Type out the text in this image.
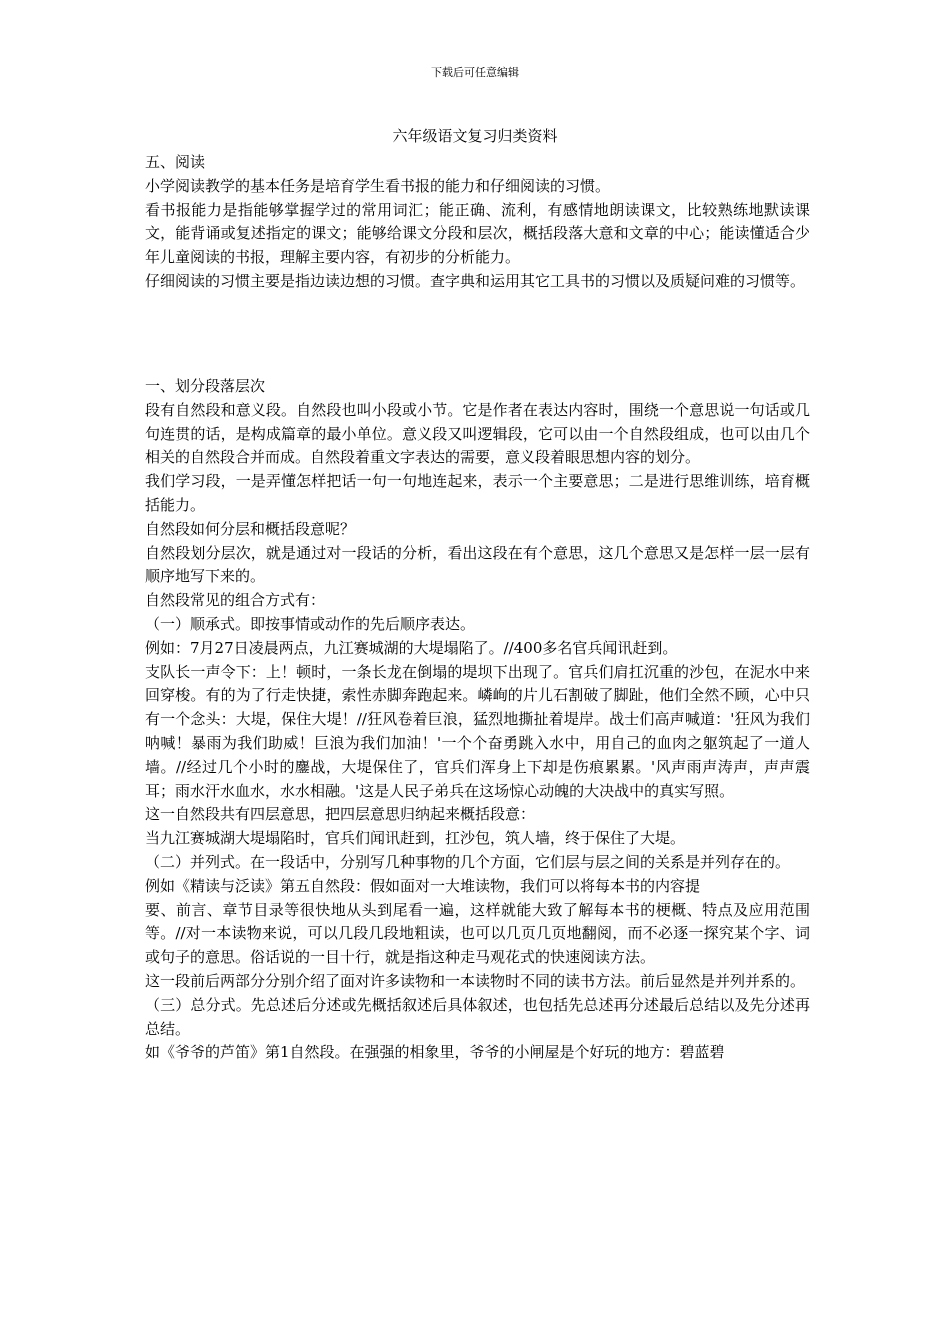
下载后可任意编辑
六年级语文复习归类资料

五、阅读

小学阅读教学的基本任务是培育学生看书报的能力和仔细阅读的习惯。

看书报能力是指能够掌握学过的常用词汇；能正确、流利，有感情地朗读课文，比较熟练地默读课文，能背诵或复述指定的课文；能够给课文分段和层次，概括段落大意和文章的中心；能读懂适合少年儿童阅读的书报，理解主要内容，有初步的分析能力。

仔细阅读的习惯主要是指边读边想的习惯。查字典和运用其它工具书的习惯以及质疑问难的习惯等。

一、划分段落层次

段有自然段和意义段。自然段也叫小段或小节。它是作者在表达内容时，围绕一个意思说一句话或几句连贯的话，是构成篇章的最小单位。意义段又叫逻辑段，它可以由一个自然段组成，也可以由几个相关的自然段合并而成。自然段着重文字表达的需要，意义段着眼思想内容的划分。

我们学习段，一是弄懂怎样把话一句一句地连起来，表示一个主要意思；二是进行思维训练，培育概括能力。

自然段如何分层和概括段意呢？

自然段划分层次，就是通过对一段话的分析，看出这段在有个意思，这几个意思又是怎样一层一层有顺序地写下来的。

自然段常见的组合方式有：

（一）顺承式。即按事情或动作的先后顺序表达。

例如：7月27日凌晨两点，九江赛城湖的大堤塌陷了。//400多名官兵闻讯赶到。

支队长一声令下：上！顿时，一条长龙在倒塌的堤坝下出现了。官兵们肩扛沉重的沙包，在泥水中来回穿梭。有的为了行走快捷，索性赤脚奔跑起来。嶙峋的片儿石割破了脚趾，他们全然不顾，心中只有一个念头：大堤，保住大堤！//狂风卷着巨浪，猛烈地撕扯着堤岸。战士们高声喊道：'狂风为我们呐喊！暴雨为我们助威！巨浪为我们加油！'一个个奋勇跳入水中，用自己的血肉之躯筑起了一道人墙。//经过几个小时的鏖战，大堤保住了，官兵们浑身上下却是伤痕累累。'风声雨声涛声，声声震耳；雨水汗水血水，水水相融。'这是人民子弟兵在这场惊心动魄的大决战中的真实写照。

这一自然段共有四层意思，把四层意思归纳起来概括段意：

当九江赛城湖大堤塌陷时，官兵们闻讯赶到，扛沙包，筑人墙，终于保住了大堤。

（二）并列式。在一段话中，分别写几种事物的几个方面，它们层与层之间的关系是并列存在的。

例如《精读与泛读》第五自然段：假如面对一大堆读物，我们可以将每本书的内容提

要、前言、章节目录等很快地从头到尾看一遍，这样就能大致了解每本书的梗概、特点及应用范围等。//对一本读物来说，可以几段几段地粗读，也可以几页几页地翻阅，而不必逐一探究某个字、词或句子的意思。俗话说的一目十行，就是指这种走马观花式的快速阅读方法。

这一段前后两部分分别介绍了面对许多读物和一本读物时不同的读书方法。前后显然是并列并系的。

（三）总分式。先总述后分述或先概括叙述后具体叙述，也包括先总述再分述最后总结以及先分述再总结。

如《爷爷的芦笛》第1自然段。在强强的相象里，爷爷的小闸屋是个好玩的地方：碧蓝碧
